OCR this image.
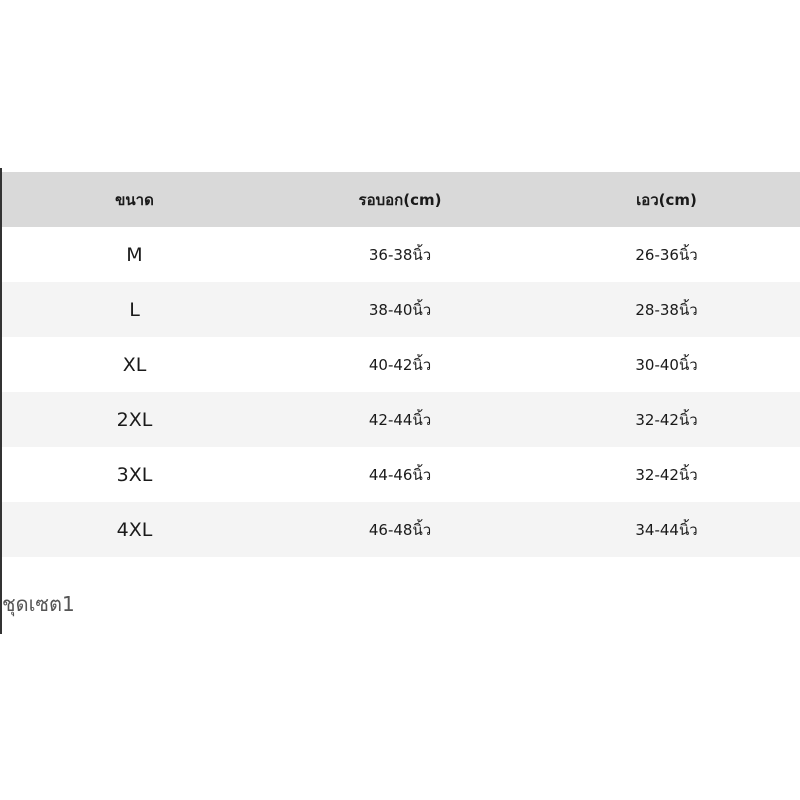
ขนาด	รอบอก(cm)	เอว(cm)
M	36-38นิ้ว	26-36นิ้ว
L	38-40นิ้ว	28-38นิ้ว
XL	40-42นิ้ว	30-40นิ้ว
2XL	42-44นิ้ว	32-42นิ้ว
3XL	44-46นิ้ว	32-42นิ้ว
4XL	46-48นิ้ว	34-44นิ้ว
ชุดเซต1
